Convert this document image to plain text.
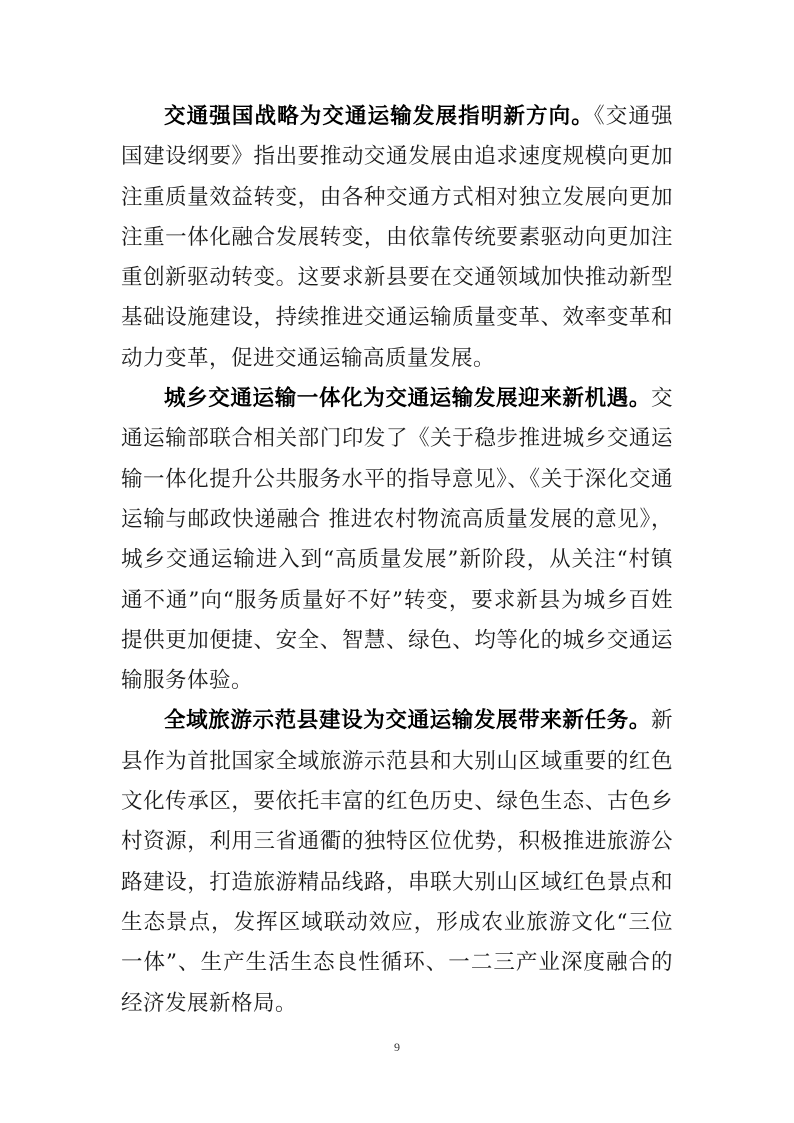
交通强国战略为交通运输发展指明新方向。《交通强国建设纲要》指出要推动交通发展由追求速度规模向更加注重质量效益转变，由各种交通方式相对独立发展向更加注重一体化融合发展转变，由依靠传统要素驱动向更加注重创新驱动转变。这要求新县要在交通领域加快推动新型基础设施建设，持续推进交通运输质量变革、效率变革和动力变革，促进交通运输高质量发展。

城乡交通运输一体化为交通运输发展迎来新机遇。交通运输部联合相关部门印发了《关于稳步推进城乡交通运输一体化提升公共服务水平的指导意见》、《关于深化交通运输与邮政快递融合 推进农村物流高质量发展的意见》，城乡交通运输进入到“高质量发展”新阶段，从关注“村镇通不通”向“服务质量好不好”转变，要求新县为城乡百姓提供更加便捷、安全、智慧、绿色、均等化的城乡交通运输服务体验。

全域旅游示范县建设为交通运输发展带来新任务。新县作为首批国家全域旅游示范县和大别山区域重要的红色文化传承区，要依托丰富的红色历史、绿色生态、古色乡村资源，利用三省通衢的独特区位优势，积极推进旅游公路建设，打造旅游精品线路，串联大别山区域红色景点和生态景点，发挥区域联动效应，形成农业旅游文化“三位一体”、生产生活生态良性循环、一二三产业深度融合的经济发展新格局。

9
